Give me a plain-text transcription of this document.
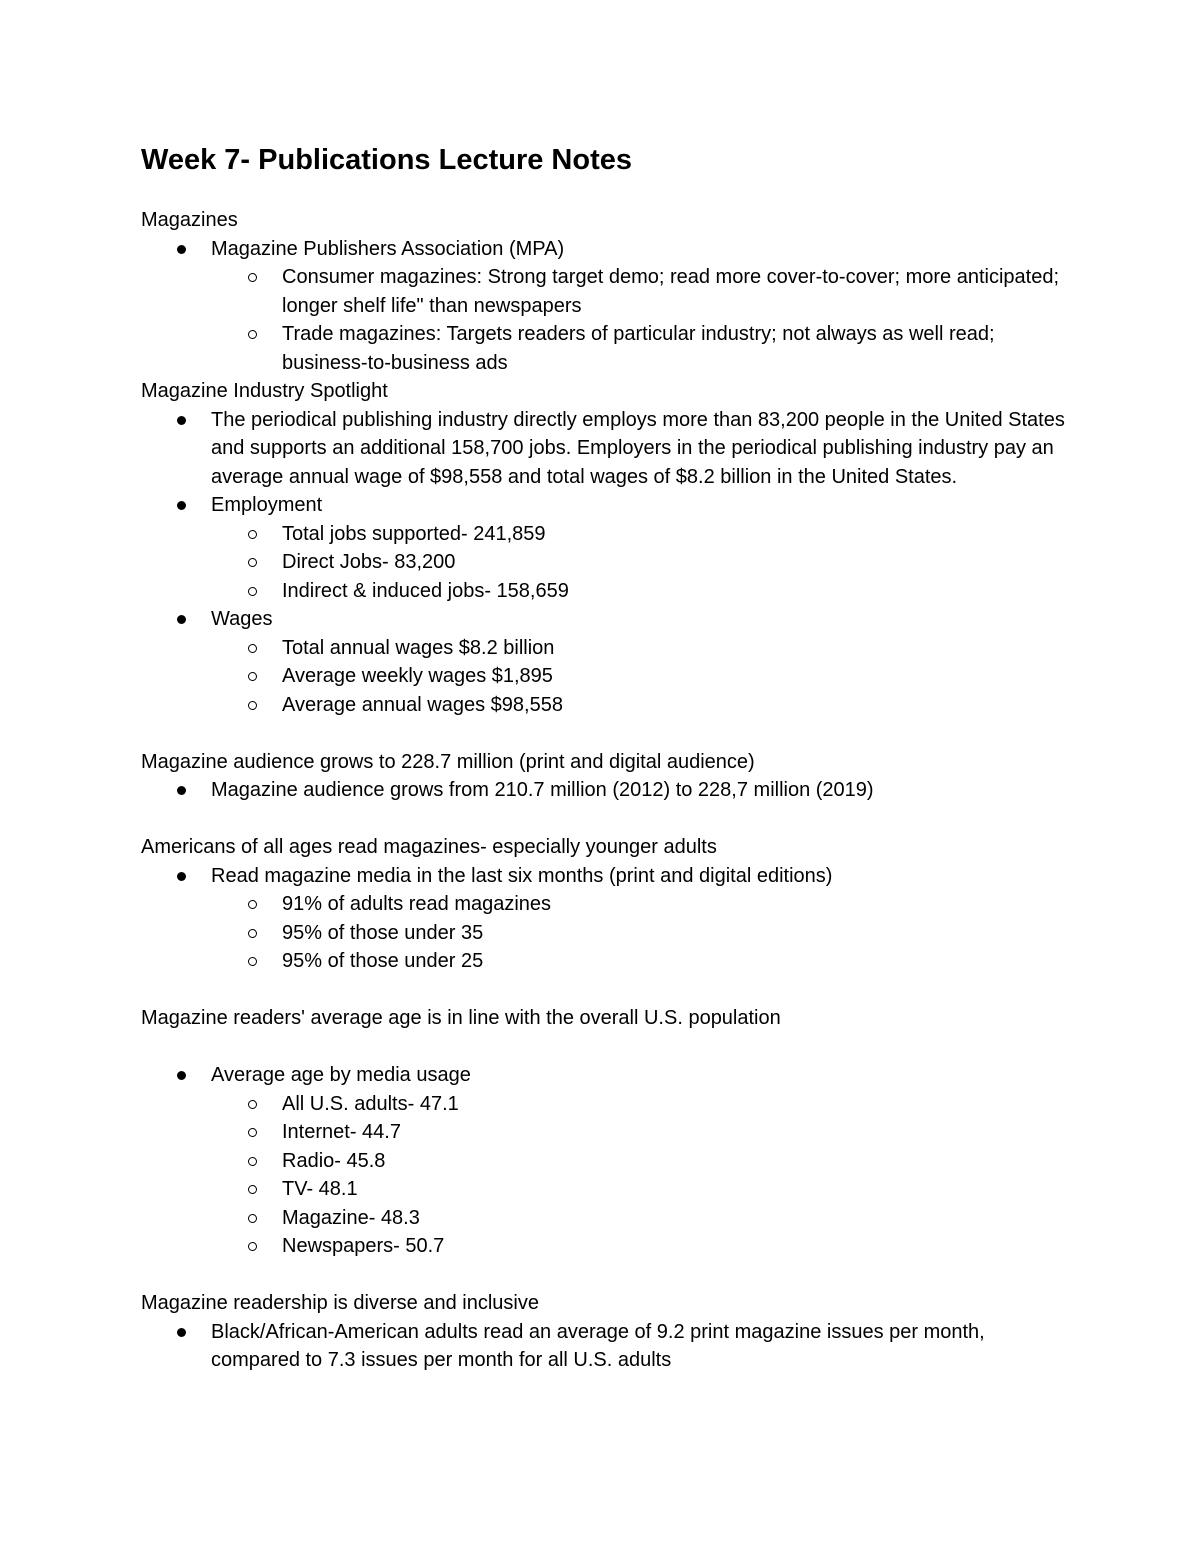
Week 7- Publications Lecture Notes

Magazines

Magazine Publishers Association (MPA)
Consumer magazines: Strong target demo; read more cover-to-cover; more anticipated; longer shelf life" than newspapers
Trade magazines: Targets readers of particular industry; not always as well read; business-to-business ads

Magazine Industry Spotlight

The periodical publishing industry directly employs more than 83,200 people in the United States and supports an additional 158,700 jobs. Employers in the periodical publishing industry pay an average annual wage of $98,558 and total wages of $8.2 billion in the United States.
Employment
Total jobs supported- 241,859
Direct Jobs- 83,200
Indirect & induced jobs- 158,659
Wages
Total annual wages $8.2 billion
Average weekly wages $1,895
Average annual wages $98,558

Magazine audience grows to 228.7 million (print and digital audience)

Magazine audience grows from 210.7 million (2012) to 228,7 million (2019)

Americans of all ages read magazines- especially younger adults

Read magazine media in the last six months (print and digital editions)
91% of adults read magazines
95% of those under 35
95% of those under 25

Magazine readers' average age is in line with the overall U.S. population

Average age by media usage
All U.S. adults- 47.1
Internet- 44.7
Radio- 45.8
TV- 48.1
Magazine- 48.3
Newspapers- 50.7

Magazine readership is diverse and inclusive

Black/African-American adults read an average of 9.2 print magazine issues per month, compared to 7.3 issues per month for all U.S. adults
